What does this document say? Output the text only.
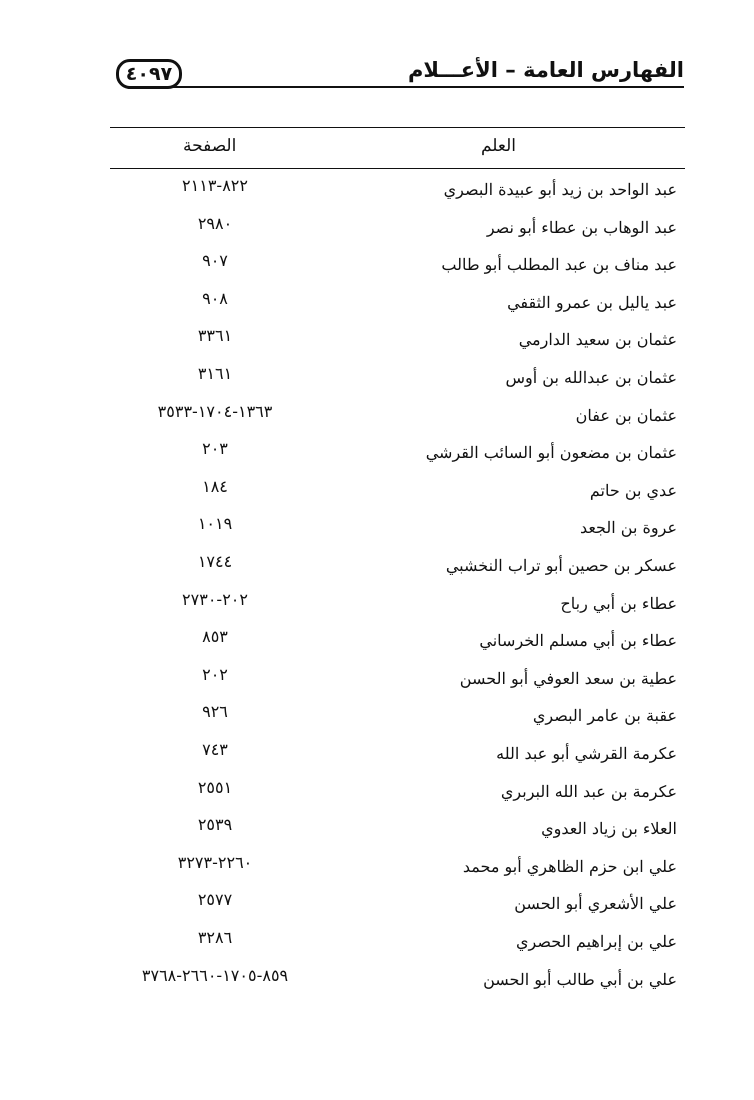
الفهارس العامة – الأعـــلام
٤٠٩٧
العلم
الصفحة
عبد الواحد بن زيد أبو عبيدة البصري
٨٢٢-٢١١٣
عبد الوهاب بن عطاء أبو نصر
٢٩٨٠
عبد مناف بن عبد المطلب أبو طالب
٩٠٧
عبد ياليل بن عمرو الثقفي
٩٠٨
عثمان بن سعيد الدارمي
٣٣٦١
عثمان بن عبدالله بن أوس
٣١٦١
عثمان بن عفان
١٣٦٣-١٧٠٤-٣٥٣٣
عثمان بن مضعون أبو السائب القرشي
٢٠٣
عدي بن حاتم
١٨٤
عروة بن الجعد
١٠١٩
عسكر بن حصين أبو تراب النخشبي
١٧٤٤
عطاء بن أبي رباح
٢٠٢-٢٧٣٠
عطاء بن أبي مسلم الخرساني
٨٥٣
عطية بن سعد العوفي أبو الحسن
٢٠٢
عقبة بن عامر البصري
٩٢٦
عكرمة القرشي أبو عبد الله
٧٤٣
عكرمة بن عبد الله البربري
٢٥٥١
العلاء بن زياد العدوي
٢٥٣٩
علي ابن حزم الظاهري أبو محمد
٢٢٦٠-٣٢٧٣
علي الأشعري أبو الحسن
٢٥٧٧
علي بن إبراهيم الحصري
٣٢٨٦
علي بن أبي طالب أبو الحسن
٨٥٩-١٧٠٥-٢٦٦٠-٣٧٦٨
